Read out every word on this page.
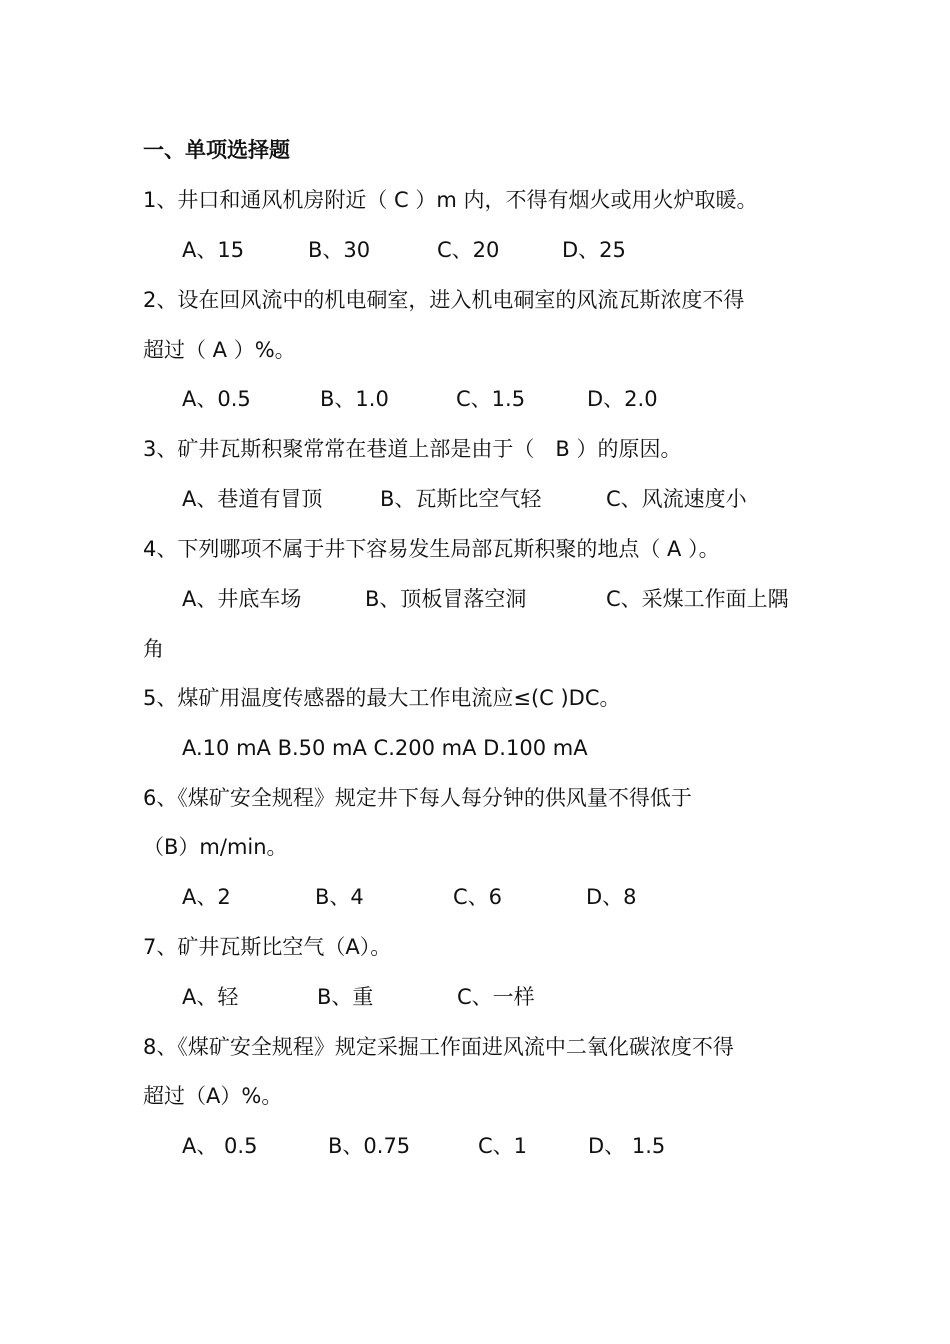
一、单项选择题
1、井口和通风机房附近（ C ）m 内，不得有烟火或用火炉取暖。
A、15	B、30	C、20	D、25
2、设在回风流中的机电硐室，进入机电硐室的风流瓦斯浓度不得
超过（ A ）%。
A、0.5	B、1.0	C、1.5	D、2.0
3、矿井瓦斯积聚常常在巷道上部是由于（　B ）的原因。
A、巷道有冒顶	B、瓦斯比空气轻	C、风流速度小
4、下列哪项不属于井下容易发生局部瓦斯积聚的地点（ A ）。
A、井底车场	B、顶板冒落空洞	C、采煤工作面上隅
角
5、煤矿用温度传感器的最大工作电流应≤(C )DC。
A.10 mA B.50 mA C.200 mA D.100 mA
6、《煤矿安全规程》规定井下每人每分钟的供风量不得低于
（B）m/min。
A、2	B、4	C、6	D、8
7、矿井瓦斯比空气（A）。
A、轻	B、重	C、一样
8、《煤矿安全规程》规定采掘工作面进风流中二氧化碳浓度不得
超过（A）%。
A、 0.5	B、0.75	C、1	D、 1.5
